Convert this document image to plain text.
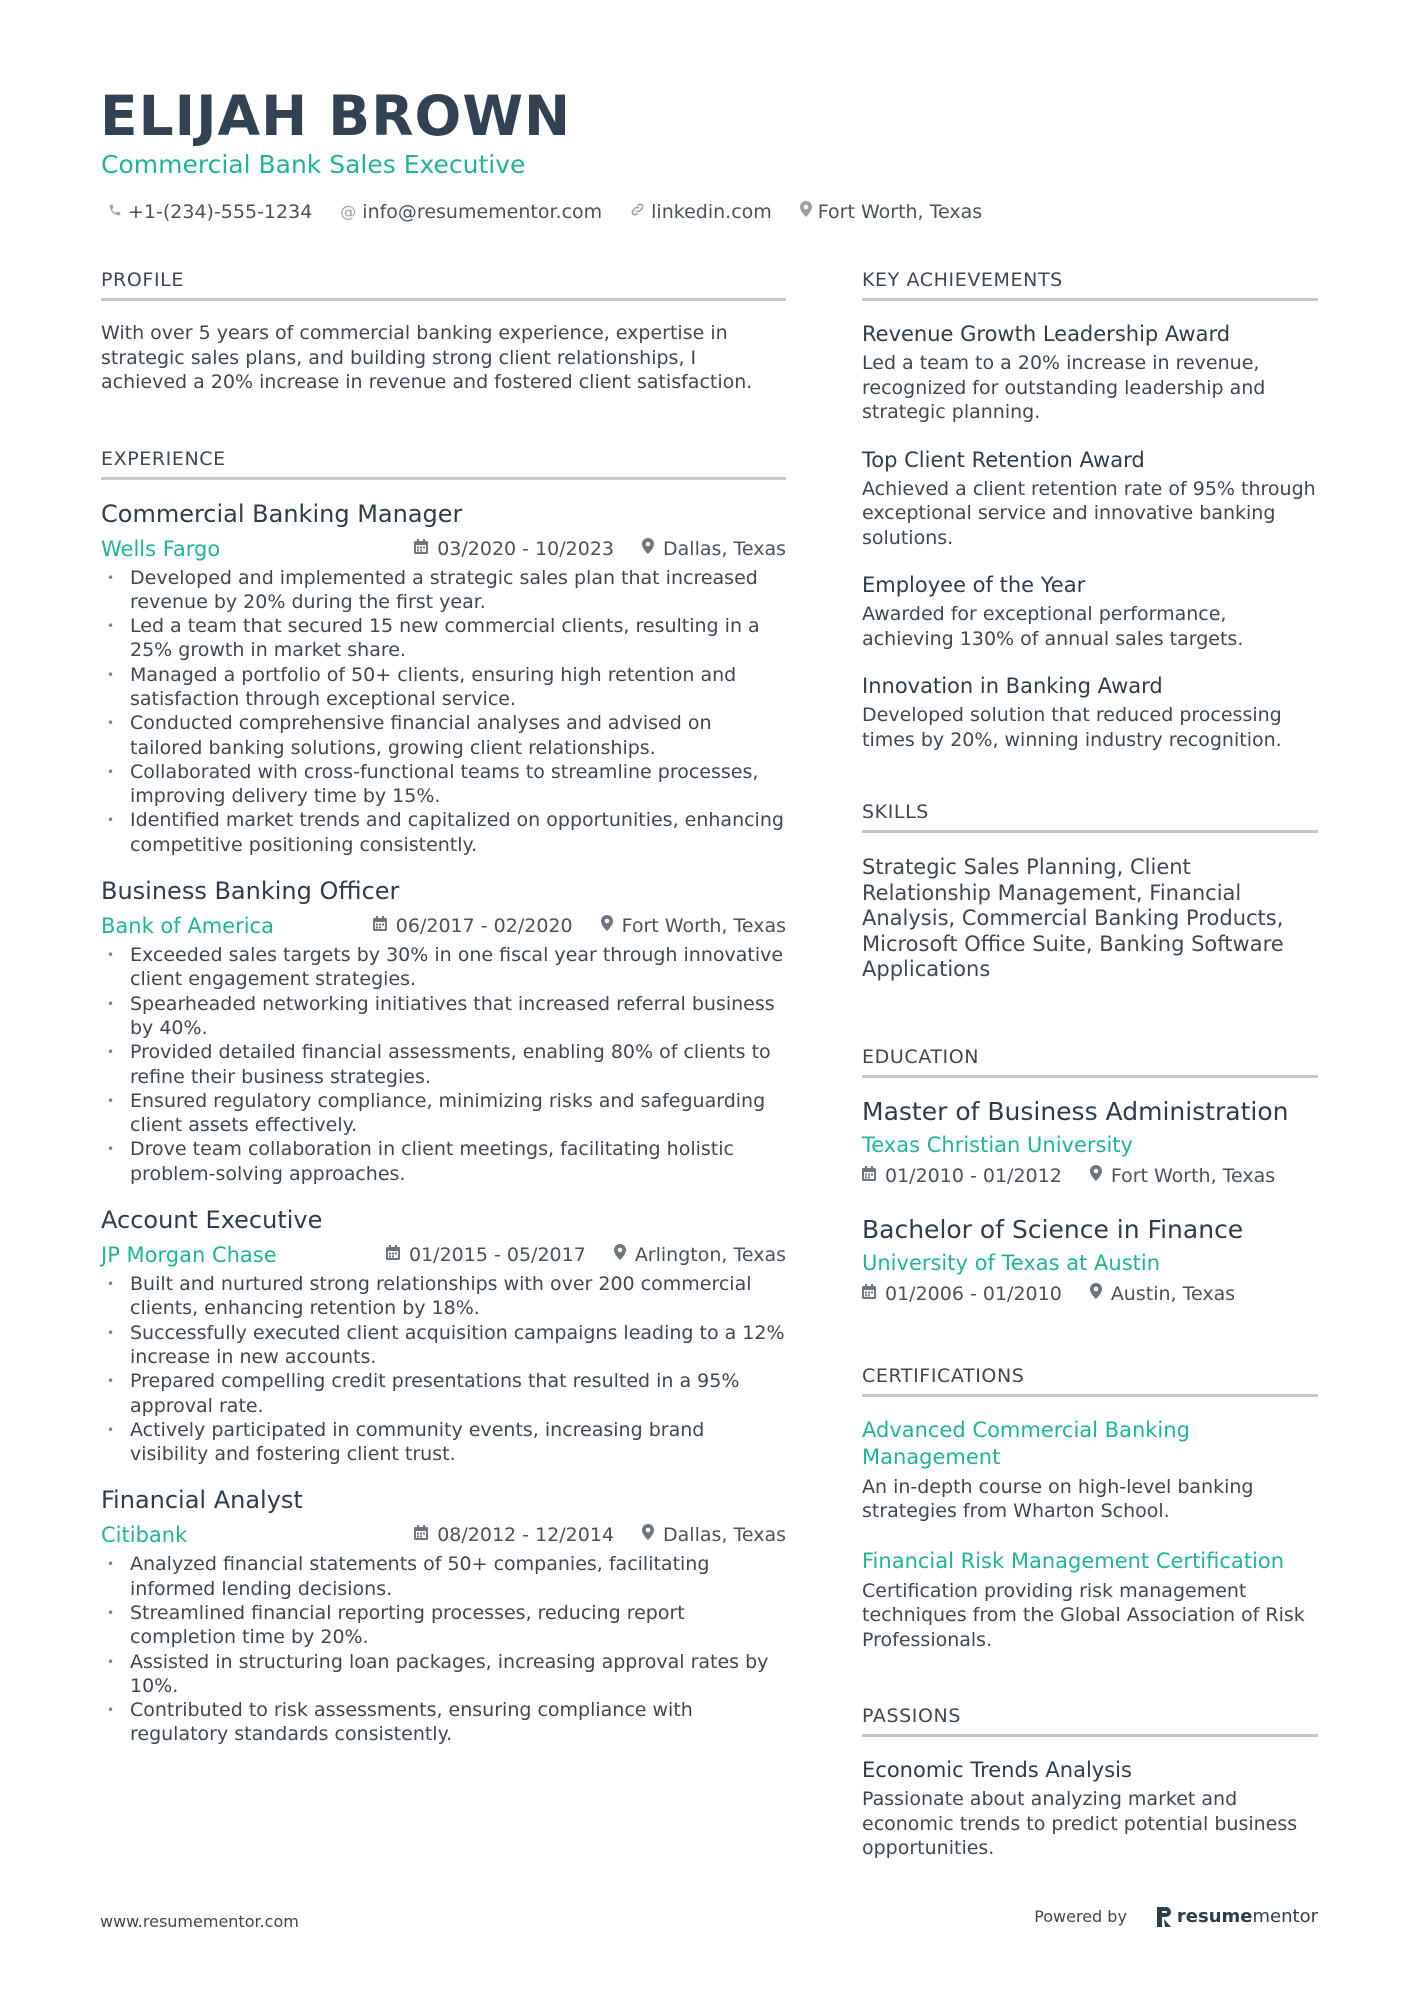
ELIJAH BROWN
Commercial Bank Sales Executive
+1-(234)-555-1234 @ info@resumementor.com	linkedin.com Fort Worth, Texas
PROFILE

With over 5 years of commercial banking experience, expertise in strategic sales plans, and building strong client relationships, I achieved a 20% increase in revenue and fostered client satisfaction.

EXPERIENCE
Commercial Banking Manager
Wells Fargo	03/2020 - 10/2023	Dallas, Texas
• Developed and implemented a strategic sales plan that increased revenue by 20% during the first year.
• Led a team that secured 15 new commercial clients, resulting in a 25% growth in market share.
• Managed a portfolio of 50+ clients, ensuring high retention and satisfaction through exceptional service.
• Conducted comprehensive financial analyses and advised on tailored banking solutions, growing client relationships.
• Collaborated with cross-functional teams to streamline processes, improving delivery time by 15%.
• Identified market trends and capitalized on opportunities, enhancing competitive positioning consistently.
Business Banking Officer
Bank of America	06/2017 - 02/2020	Fort Worth, Texas
• Exceeded sales targets by 30% in one fiscal year through innovative client engagement strategies.
• Spearheaded networking initiatives that increased referral business by 40%.
• Provided detailed financial assessments, enabling 80% of clients to refine their business strategies.
• Ensured regulatory compliance, minimizing risks and safeguarding client assets effectively.
• Drove team collaboration in client meetings, facilitating holistic problem-solving approaches.
Account Executive
JP Morgan Chase	01/2015 - 05/2017	Arlington, Texas
• Built and nurtured strong relationships with over 200 commercial clients, enhancing retention by 18%.
• Successfully executed client acquisition campaigns leading to a 12% increase in new accounts.
• Prepared compelling credit presentations that resulted in a 95% approval rate.
• Actively participated in community events, increasing brand visibility and fostering client trust.
Financial Analyst
Citibank	08/2012 - 12/2014	Dallas, Texas
• Analyzed financial statements of 50+ companies, facilitating informed lending decisions.
• Streamlined financial reporting processes, reducing report completion time by 20%.
• Assisted in structuring loan packages, increasing approval rates by 10%.
• Contributed to risk assessments, ensuring compliance with regulatory standards consistently.
KEY ACHIEVEMENTS
Revenue Growth Leadership Award
Led a team to a 20% increase in revenue, recognized for outstanding leadership and strategic planning.
Top Client Retention Award
Achieved a client retention rate of 95% through exceptional service and innovative banking solutions.
Employee of the Year
Awarded for exceptional performance, achieving 130% of annual sales targets.
Innovation in Banking Award
Developed solution that reduced processing times by 20%, winning industry recognition.
SKILLS

Strategic Sales Planning, Client Relationship Management, Financial Analysis, Commercial Banking Products, Microsoft Office Suite, Banking Software Applications

EDUCATION
Master of Business Administration
Texas Christian University
01/2010 - 01/2012	Fort Worth, Texas
Bachelor of Science in Finance
University of Texas at Austin
01/2006 - 01/2010	Austin, Texas
CERTIFICATIONS
Advanced Commercial Banking Management
An in-depth course on high-level banking strategies from Wharton School.
Financial Risk Management Certification
Certification providing risk management techniques from the Global Association of Risk Professionals.
PASSIONS
Economic Trends Analysis
Passionate about analyzing market and economic trends to predict potential business opportunities.
www.resumementor.com	Powered by	resume mentor
